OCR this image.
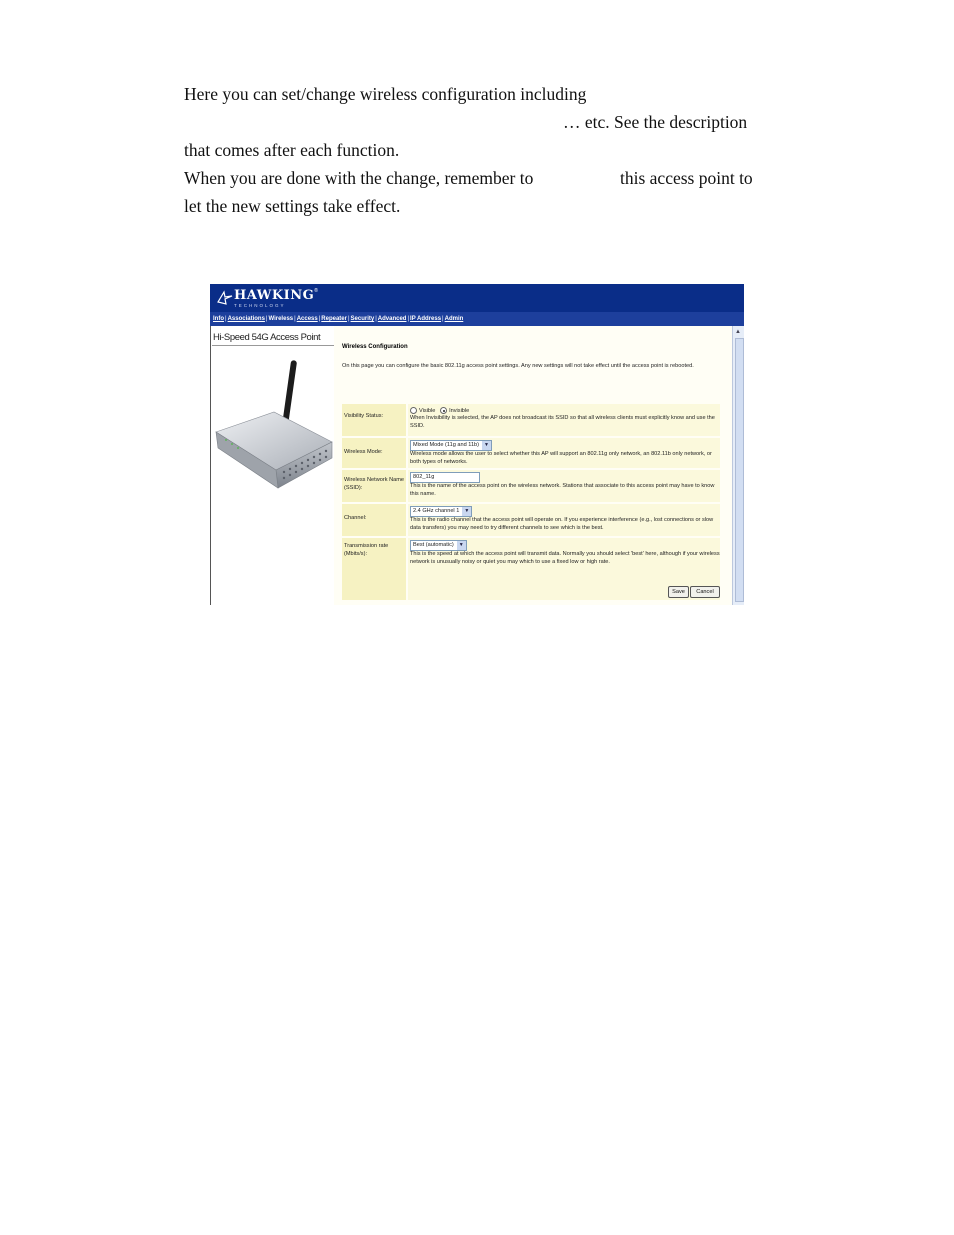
Here you can set/change wireless configuration including
… etc. See the description
that comes after each function.
When you are done with the change, remember to	this access point to
let the new settings take effect.
HAWKING ®
TECHNOLOGY
Info|Associations|Wireless|Access|Repeater|Security|Advanced|IP Address|Admin
Hi-Speed 54G Access Point
Wireless Configuration
On this page you can configure the basic 802.11g access point settings. Any new settings will not take effect until the access point is rebooted.
Visibility Status:
Visible Invisible
When Invisibility is selected, the AP does not broadcast its SSID so that all wireless clients must explicitly know and use the SSID.
Wireless Mode:
Mixed Mode (11g and 11b)	▼
Wireless mode allows the user to select whether this AP will support an 802.11g only network, an 802.11b only network, or both types of networks.
Wireless Network Name (SSID):
802_11g
This is the name of the access point on the wireless network. Stations that associate to this access point may have to know this name.
Channel:
2.4 GHz channel 1	▼
This is the radio channel that the access point will operate on. If you experience interference (e.g., lost connections or slow data transfers) you may need to try different channels to see which is the best.
Transmission rate (Mbits/s):
Best (automatic)	▼
This is the speed at which the access point will transmit data. Normally you should select 'best' here, although if your wireless network is unusually noisy or quiet you may which to use a fixed low or high rate.
Save	Cancel
▲
